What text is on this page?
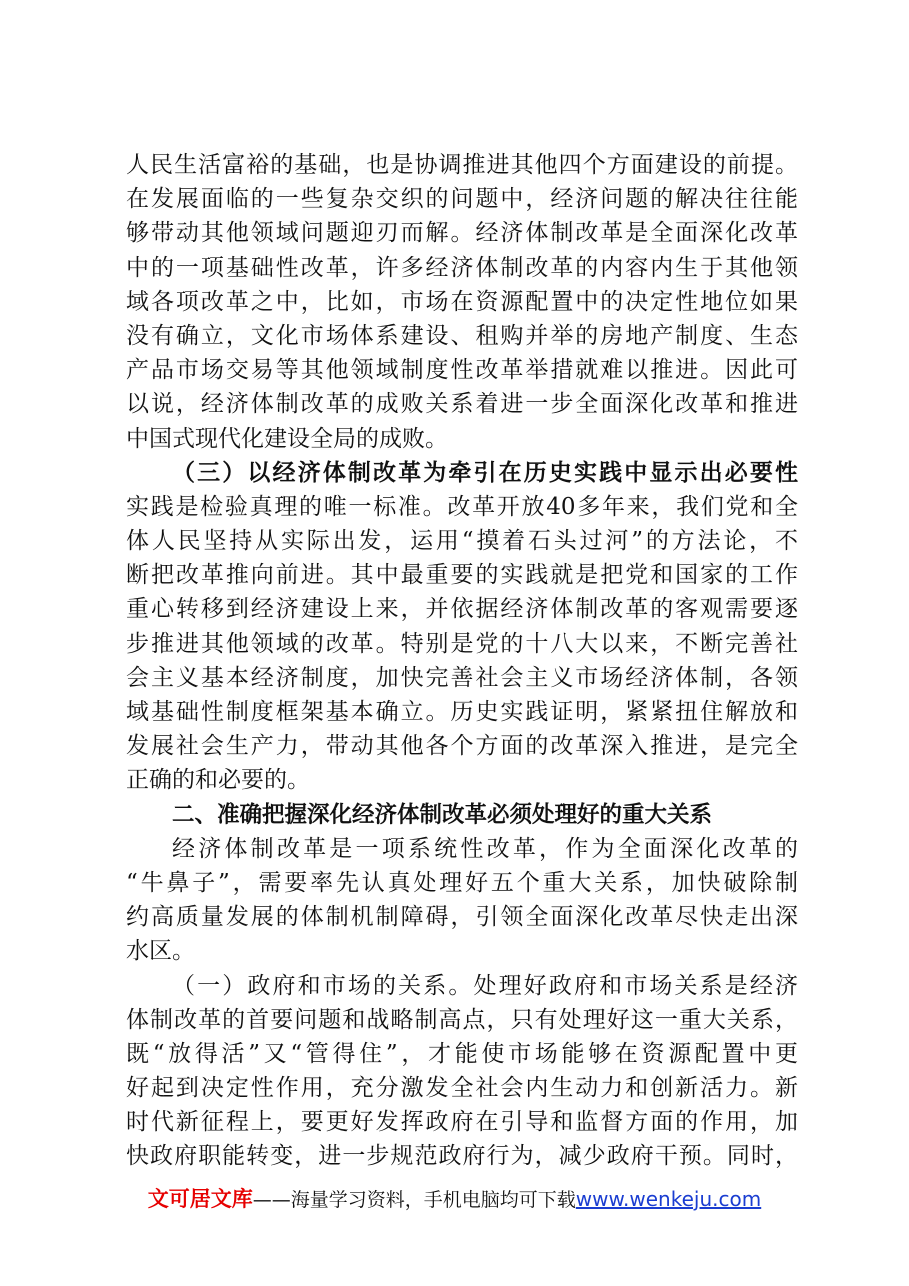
人民生活富裕的基础，也是协调推进其他四个方面建设的前提。
在发展面临的一些复杂交织的问题中，经济问题的解决往往能
够带动其他领域问题迎刃而解。经济体制改革是全面深化改革
中的一项基础性改革，许多经济体制改革的内容内生于其他领
域各项改革之中，比如，市场在资源配置中的决定性地位如果
没有确立，文化市场体系建设、租购并举的房地产制度、生态
产品市场交易等其他领域制度性改革举措就难以推进。因此可
以说，经济体制改革的成败关系着进一步全面深化改革和推进
中国式现代化建设全局的成败。
（三）以经济体制改革为牵引在历史实践中显示出必要性
实践是检验真理的唯一标准。改革开放40多年来，我们党和全
体人民坚持从实际出发，运用“摸着石头过河”的方法论，不
断把改革推向前进。其中最重要的实践就是把党和国家的工作
重心转移到经济建设上来，并依据经济体制改革的客观需要逐
步推进其他领域的改革。特别是党的十八大以来，不断完善社
会主义基本经济制度，加快完善社会主义市场经济体制，各领
域基础性制度框架基本确立。历史实践证明，紧紧扭住解放和
发展社会生产力，带动其他各个方面的改革深入推进，是完全
正确的和必要的。
二、准确把握深化经济体制改革必须处理好的重大关系
经济体制改革是一项系统性改革，作为全面深化改革的
“牛鼻子”，需要率先认真处理好五个重大关系，加快破除制
约高质量发展的体制机制障碍，引领全面深化改革尽快走出深
水区。
（一）政府和市场的关系。处理好政府和市场关系是经济
体制改革的首要问题和战略制高点，只有处理好这一重大关系，
既“放得活”又“管得住”，才能使市场能够在资源配置中更
好起到决定性作用，充分激发全社会内生动力和创新活力。新
时代新征程上，要更好发挥政府在引导和监督方面的作用，加
快政府职能转变，进一步规范政府行为，减少政府干预。同时，
文可居文库——海量学习资料，手机电脑均可下载www.wenkeju.com
